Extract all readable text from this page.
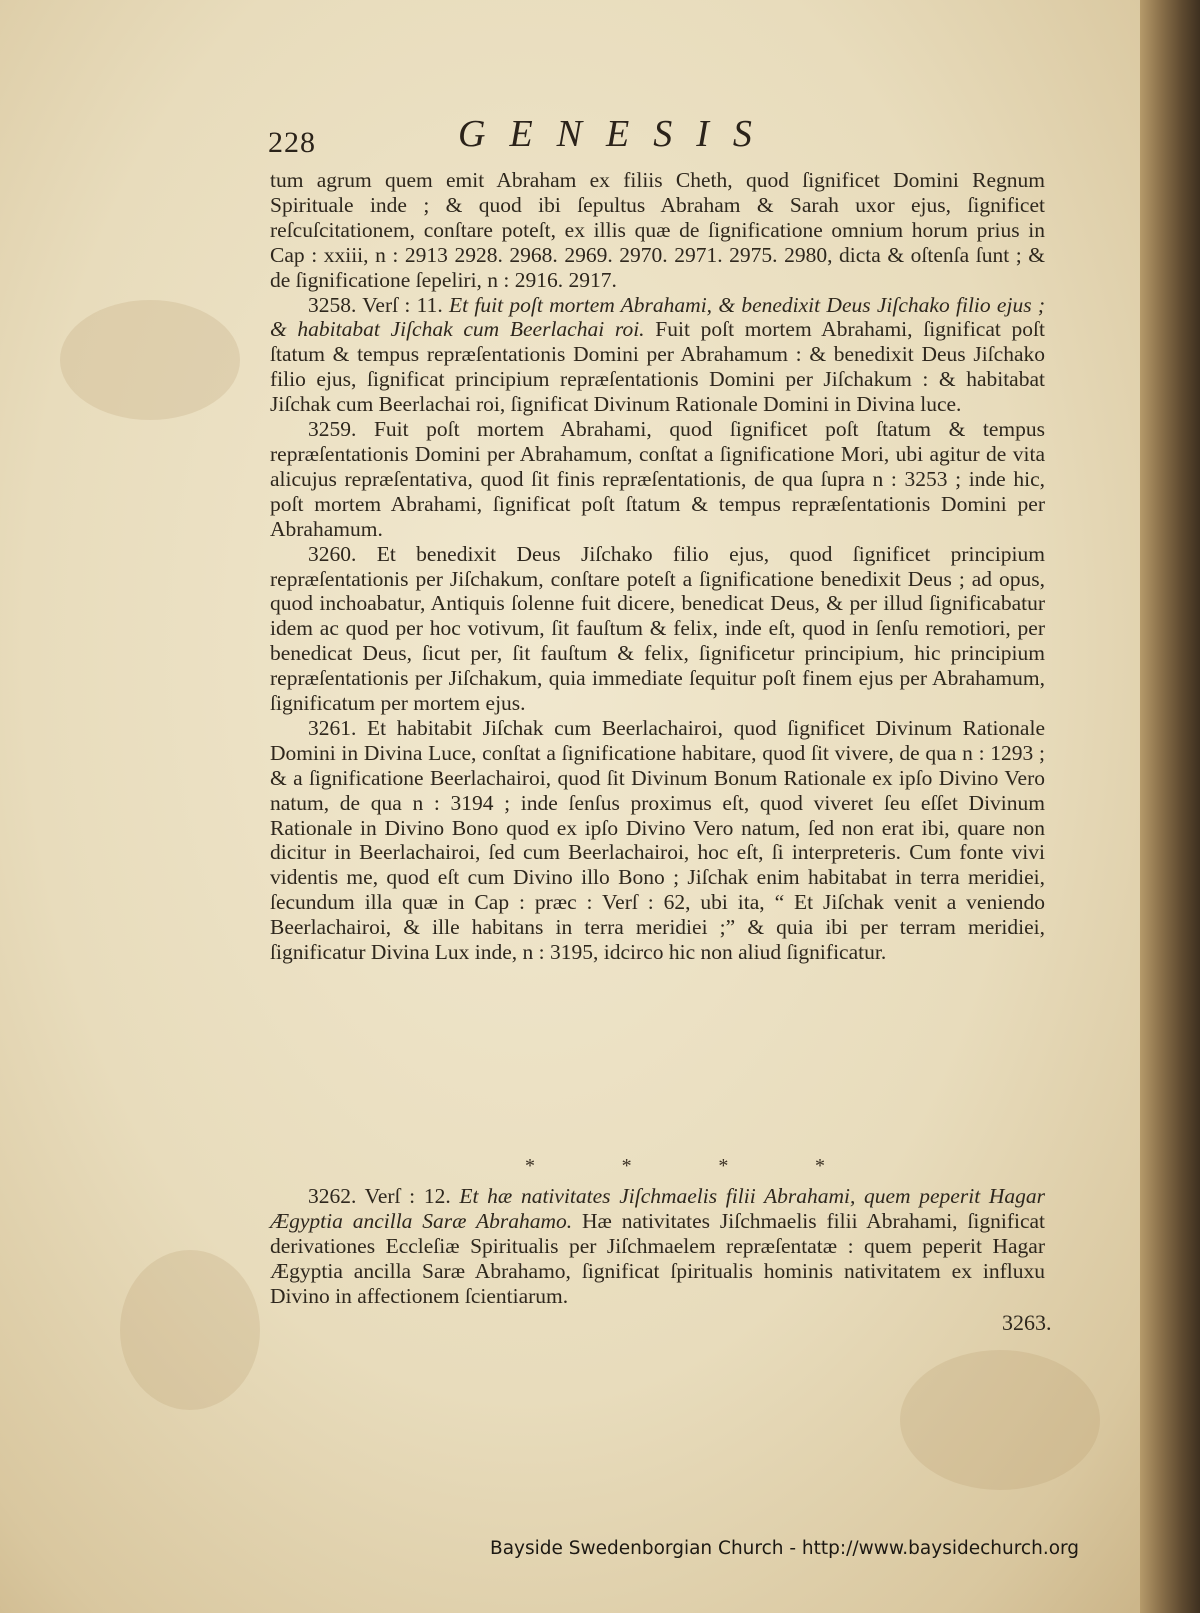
228	GENESIS

tum agrum quem emit Abraham ex filiis Cheth, quod ſignificet Domini Regnum Spirituale inde ; & quod ibi ſepultus Abraham & Sarah uxor ejus, ſignificet reſcuſcitationem, conſtare poteſt, ex illis quæ de ſignificatione omnium horum prius in Cap : xxiii, n : 2913 2928. 2968. 2969. 2970. 2971. 2975. 2980, dicta & oſtenſa ſunt ; & de ſignificatione ſepeliri, n : 2916. 2917.

3258. Verſ : 11. Et fuit poſt mortem Abrahami, & benedixit Deus Jiſchako filio ejus ; & habitabat Jiſchak cum Beerlachai roi. Fuit poſt mortem Abrahami, ſignificat poſt ſtatum & tempus repræſentationis Domini per Abrahamum : & benedixit Deus Jiſchako filio ejus, ſignificat principium repræſentationis Domini per Jiſchakum : & habitabat Jiſchak cum Beerlachai roi, ſignificat Divinum Rationale Domini in Divina luce.

3259. Fuit poſt mortem Abrahami, quod ſignificet poſt ſtatum & tempus repræſentationis Domini per Abrahamum, conſtat a ſignificatione Mori, ubi agitur de vita alicujus repræſentativa, quod ſit finis repræſentationis, de qua ſupra n : 3253 ; inde hic, poſt mortem Abrahami, ſignificat poſt ſtatum & tempus repræſentationis Domini per Abrahamum.

3260. Et benedixit Deus Jiſchako filio ejus, quod ſignificet principium repræſentationis per Jiſchakum, conſtare poteſt a ſignificatione benedixit Deus ; ad opus, quod inchoabatur, Antiquis ſolenne fuit dicere, benedicat Deus, & per illud ſignificabatur idem ac quod per hoc votivum, ſit fauſtum & felix, inde eſt, quod in ſenſu remotiori, per benedicat Deus, ſicut per, ſit fauſtum & felix, ſignificetur principium, hic principium repræſentationis per Jiſchakum, quia immediate ſequitur poſt finem ejus per Abrahamum, ſignificatum per mortem ejus.

3261. Et habitabit Jiſchak cum Beerlachairoi, quod ſignificet Divinum Rationale Domini in Divina Luce, conſtat a ſignificatione habitare, quod ſit vivere, de qua n : 1293 ; & a ſignificatione Beerlachairoi, quod ſit Divinum Bonum Rationale ex ipſo Divino Vero natum, de qua n : 3194 ; inde ſenſus proximus eſt, quod viveret ſeu eſſet Divinum Rationale in Divino Bono quod ex ipſo Divino Vero natum, ſed non erat ibi, quare non dicitur in Beerlachairoi, ſed cum Beerlachairoi, hoc eſt, ſi interpreteris. Cum fonte vivi videntis me, quod eſt cum Divino illo Bono ; Jiſchak enim habitabat in terra meridiei, ſecundum illa quæ in Cap : præc : Verſ : 62, ubi ita, “ Et Jiſchak venit a veniendo Beerlachairoi, & ille habitans in terra meridiei ;” & quia ibi per terram meridiei, ſignificatur Divina Lux inde, n : 3195, idcirco hic non aliud ſignificatur.

*	*	*	*

3262. Verſ : 12. Et hæ nativitates Jiſchmaelis filii Abrahami, quem peperit Hagar Ægyptia ancilla Saræ Abrahamo. Hæ nativitates Jiſchmaelis filii Abrahami, ſignificat derivationes Eccleſiæ Spiritualis per Jiſchmaelem repræſentatæ : quem peperit Hagar Ægyptia ancilla Saræ Abrahamo, ſignificat ſpiritualis hominis nativitatem ex influxu Divino in affectionem ſcientiarum.

3263.
Bayside Swedenborgian Church - http://www.baysidechurch.org
